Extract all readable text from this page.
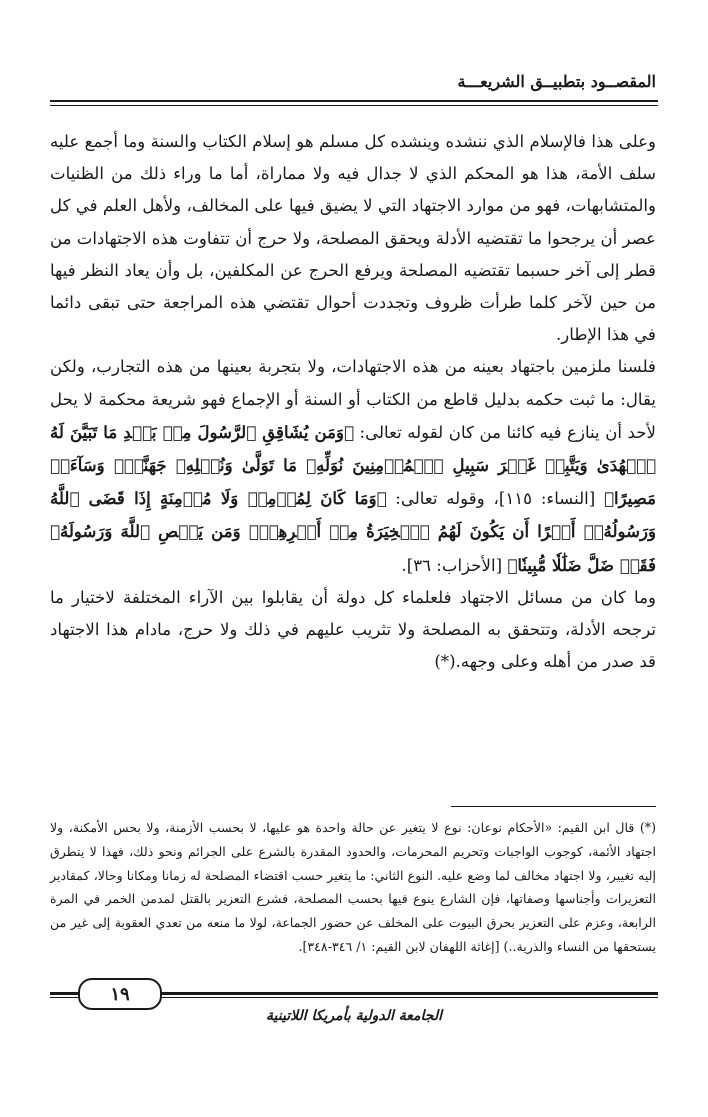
المقصــود بتطبيــق الشريعـــة

وعلى هذا فالإسلام الذي ننشده وينشده كل مسلم هو إسلام الكتاب والسنة وما أجمع عليه سلف الأمة، هذا هو المحكم الذي لا جدال فيه ولا مماراة، أما ما وراء ذلك من الظنيات والمتشابهات، فهو من موارد الاجتهاد التي لا يضيق فيها على المخالف، ولأهل العلم في كل عصر أن يرجحوا ما تقتضيه الأدلة ويحقق المصلحة، ولا حرج أن تتفاوت هذه الاجتهادات من قطر إلى آخر حسبما تقتضيه المصلحة ويرفع الحرج عن المكلفين، بل وأن يعاد النظر فيها من حين لآخر كلما طرأت ظروف وتجددت أحوال تقتضي هذه المراجعة حتى تبقى دائما في هذا الإطار.

فلسنا ملزمين باجتهاد بعينه من هذه الاجتهادات، ولا بتجربة بعينها من هذه التجارب، ولكن يقال: ما ثبت حكمه بدليل قاطع من الكتاب أو السنة أو الإجماع فهو شريعة محكمة لا يحل لأحد أن ينازع فيه كائنا من كان لقوله تعالى: ﴿وَمَن يُشَاقِقِ ٱلرَّسُولَ مِنۢ بَعۡدِ مَا تَبَيَّنَ لَهُ ٱلۡهُدَىٰ وَيَتَّبِعۡ غَيۡرَ سَبِيلِ ٱلۡمُؤۡمِنِينَ نُوَلِّهِۦ مَا تَوَلَّىٰ وَنُصۡلِهِۦ جَهَنَّمَۖ وَسَآءَتۡ مَصِيرًا﴾ [النساء: ١١٥]، وقوله تعالى: ﴿وَمَا كَانَ لِمُؤۡمِنٖ وَلَا مُؤۡمِنَةٍ إِذَا قَضَى ٱللَّهُ وَرَسُولُهُۥٓ أَمۡرًا أَن يَكُونَ لَهُمُ ٱلۡخِيَرَةُ مِنۡ أَمۡرِهِمۡۗ وَمَن يَعۡصِ ٱللَّهَ وَرَسُولَهُۥ فَقَدۡ ضَلَّ ضَلَٰلٗا مُّبِينٗا﴾ [الأحزاب: ٣٦].

وما كان من مسائل الاجتهاد فلعلماء كل دولة أن يقابلوا بين الآراء المختلفة لاختيار ما ترجحه الأدلة، وتتحقق به المصلحة ولا تثريب عليهم في ذلك ولا حرج، مادام هذا الاجتهاد قد صدر من أهله وعلى وجهه.(*)

(*) قال ابن القيم: «الأحكام نوعان: نوع لا يتغير عن حالة واحدة هو عليها، لا بحسب الأزمنة، ولا بحس الأمكنة، ولا اجتهاد الأئمة، كوجوب الواجبات وتحريم المحرمات، والحدود المقدرة بالشرع على الجرائم ونحو ذلك، فهذا لا يتطرق إليه تغيير، ولا اجتهاد مخالف لما وضع عليه. النوع الثاني: ما يتغير حسب اقتضاء المصلحة له زمانا ومكانا وحالا، كمقادير التعزيرات وأجناسها وصفاتها، فإن الشارع ينوع فيها بحسب المصلحة، فشرع التعزير بالقتل لمدمن الخمر في المرة الرابعة، وعزم على التعزير بحرق البيوت على المخلف عن حضور الجماعة، لولا ما منعه من تعدي العقوبة إلى غير من يستحقها من النساء والذرية..) [إغاثة اللهفان لابن القيم: ١/ ٣٤٦-٣٤٨].

١٩
الجامعة الدولية بأمريكا اللاتينية
